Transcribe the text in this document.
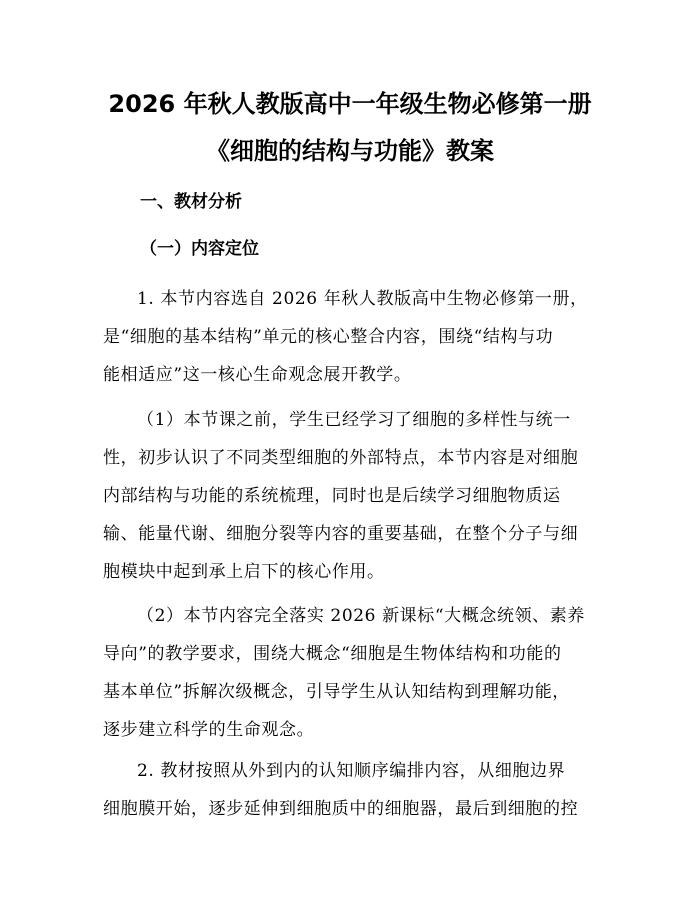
2026 年秋人教版高中一年级生物必修第一册
《细胞的结构与功能》教案
一、教材分析
（一）内容定位
1. 本节内容选自 2026 年秋人教版高中生物必修第一册，
是“细胞的基本结构”单元的核心整合内容，围绕“结构与功
能相适应”这一核心生命观念展开教学。
（1）本节课之前，学生已经学习了细胞的多样性与统一
性，初步认识了不同类型细胞的外部特点，本节内容是对细胞
内部结构与功能的系统梳理，同时也是后续学习细胞物质运
输、能量代谢、细胞分裂等内容的重要基础，在整个分子与细
胞模块中起到承上启下的核心作用。
（2）本节内容完全落实 2026 新课标“大概念统领、素养
导向”的教学要求，围绕大概念“细胞是生物体结构和功能的
基本单位”拆解次级概念，引导学生从认知结构到理解功能，
逐步建立科学的生命观念。
2. 教材按照从外到内的认知顺序编排内容，从细胞边界
细胞膜开始，逐步延伸到细胞质中的细胞器，最后到细胞的控
